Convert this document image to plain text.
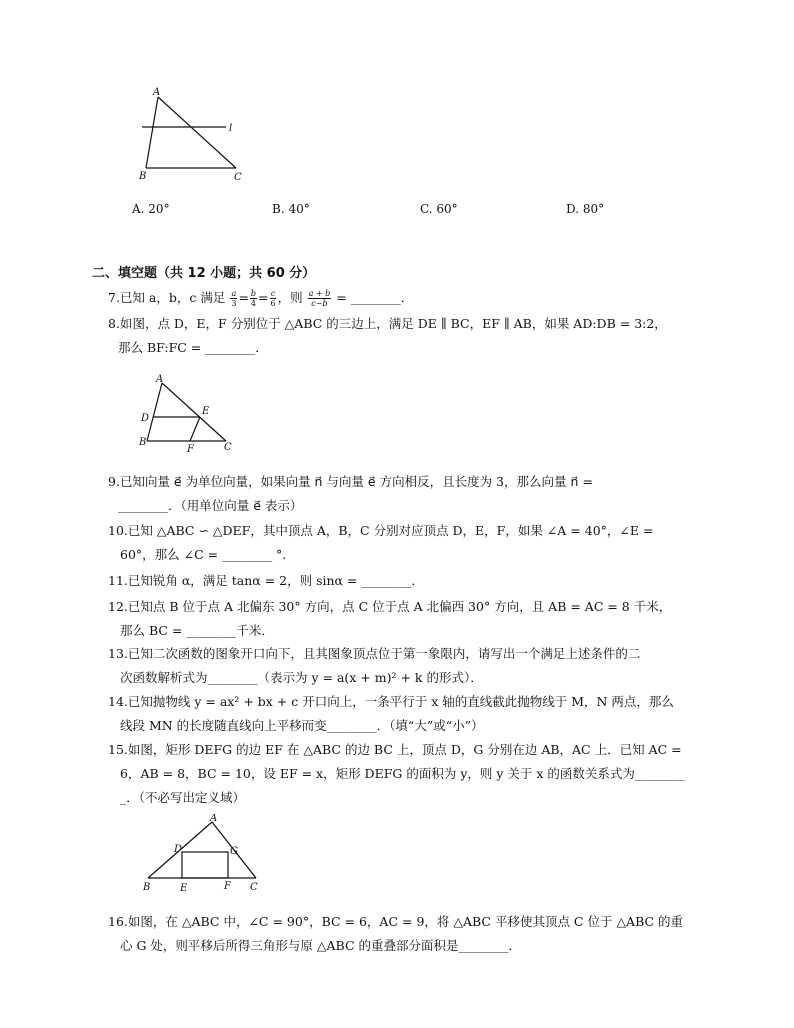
A
B	C
l
A. 20°	B. 40°	C. 60°	D. 80°
二、填空题（共 12 小题；共 60 分）
7.已知 a，b，c 满足 $\frac{a}{3} = \frac{b}{4} = \frac{c}{6}$ ，则 $\frac{a + b}{c-b}$ = ________．
8.如图，点 D，E，F 分别位于 △ABC 的三边上，满足 DE ∥ BC，EF ∥ AB，如果 AD:DB = 3:2，
那么 BF:FC = ________．
A
D
E
B
F	C
9.已知向量 e⃗ 为单位向量，如果向量 n⃗ 与向量 e⃗ 方向相反，且长度为 3，那么向量 n⃗ =
________．（用单位向量 e⃗ 表示）
10.已知 △ABC ∽ △DEF，其中顶点 A，B，C 分别对应顶点 D，E，F，如果 ∠A = 40°，∠E =
60°，那么 ∠C = ________ °.
11.已知锐角 α，满足 tanα = 2，则 sinα = ________．
12.已知点 B 位于点 A 北偏东 30° 方向，点 C 位于点 A 北偏西 30° 方向，且 AB = AC = 8 千米，
那么 BC = ________千米．
13.已知二次函数的图象开口向下，且其图象顶点位于第一象限内，请写出一个满足上述条件的二
次函数解析式为________（表示为 y = a(x + m)² + k 的形式）．
14.已知抛物线 y = ax² + bx + c 开口向上，一条平行于 x 轴的直线截此抛物线于 M，N 两点，那么
线段 MN 的长度随直线向上平移而变________．（填“大”或“小”）
15.如图，矩形 DEFG 的边 EF 在 △ABC 的边 BC 上，顶点 D，G 分别在边 AB，AC 上．已知 AC =
6，AB = 8，BC = 10，设 EF = x，矩形 DEFG 的面积为 y，则 y 关于 x 的函数关系式为________
_．（不必写出定义域）
A
D	G
B	E	F C
16.如图，在 △ABC 中，∠C = 90°，BC = 6，AC = 9，将 △ABC 平移使其顶点 C 位于 △ABC 的重
心 G 处，则平移后所得三角形与原 △ABC 的重叠部分面积是________．
